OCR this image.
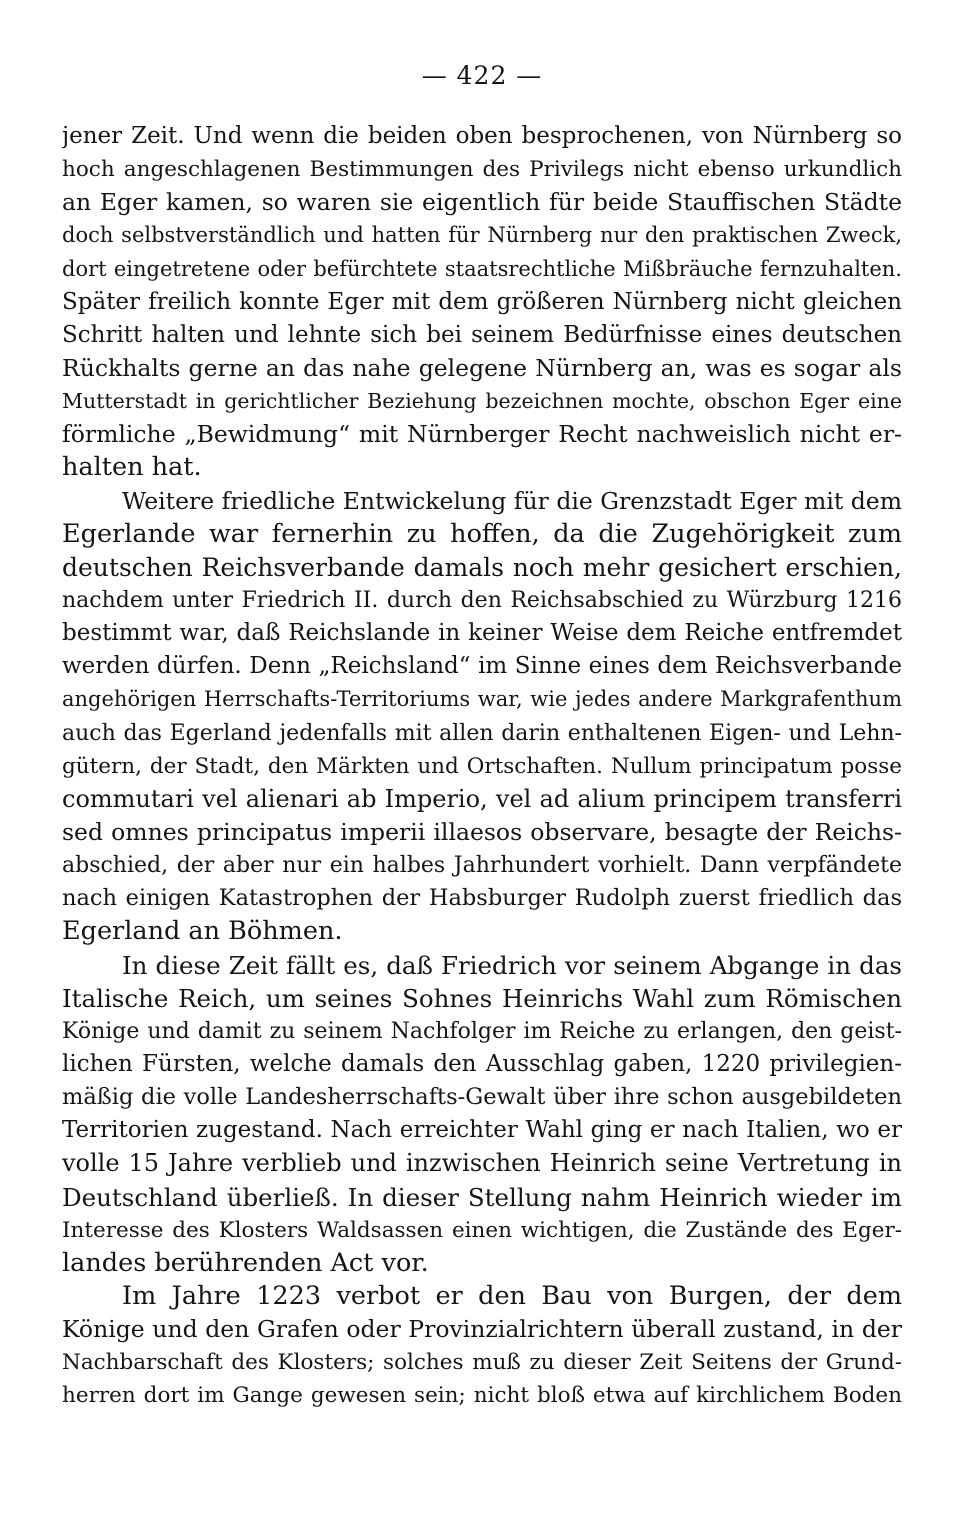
— 422 —
jener Zeit. Und wenn die beiden oben besprochenen, von Nürnberg so
hoch angeschlagenen Bestimmungen des Privilegs nicht ebenso urkundlich
an Eger kamen, so waren sie eigentlich für beide Stauffischen Städte
doch selbstverständlich und hatten für Nürnberg nur den praktischen Zweck,
dort eingetretene oder befürchtete staatsrechtliche Mißbräuche fernzuhalten.
Später freilich konnte Eger mit dem größeren Nürnberg nicht gleichen
Schritt halten und lehnte sich bei seinem Bedürfnisse eines deutschen
Rückhalts gerne an das nahe gelegene Nürnberg an, was es sogar als
Mutterstadt in gerichtlicher Beziehung bezeichnen mochte, obschon Eger eine
förmliche „Bewidmung“ mit Nürnberger Recht nachweislich nicht er-
halten hat.
Weitere friedliche Entwickelung für die Grenzstadt Eger mit dem
Egerlande war fernerhin zu hoffen, da die Zugehörigkeit zum
deutschen Reichsverbande damals noch mehr gesichert erschien,
nachdem unter Friedrich II. durch den Reichsabschied zu Würzburg 1216
bestimmt war, daß Reichslande in keiner Weise dem Reiche entfremdet
werden dürfen. Denn „Reichsland“ im Sinne eines dem Reichsverbande
angehörigen Herrschafts-Territoriums war, wie jedes andere Markgrafenthum
auch das Egerland jedenfalls mit allen darin enthaltenen Eigen- und Lehn-
gütern, der Stadt, den Märkten und Ortschaften. Nullum principatum posse
commutari vel alienari ab Imperio, vel ad alium principem transferri
sed omnes principatus imperii illaesos observare, besagte der Reichs-
abschied, der aber nur ein halbes Jahrhundert vorhielt. Dann verpfändete
nach einigen Katastrophen der Habsburger Rudolph zuerst friedlich das
Egerland an Böhmen.
In diese Zeit fällt es, daß Friedrich vor seinem Abgange in das
Italische Reich, um seines Sohnes Heinrichs Wahl zum Römischen
Könige und damit zu seinem Nachfolger im Reiche zu erlangen, den geist-
lichen Fürsten, welche damals den Ausschlag gaben, 1220 privilegien-
mäßig die volle Landesherrschafts-Gewalt über ihre schon ausgebildeten
Territorien zugestand. Nach erreichter Wahl ging er nach Italien, wo er
volle 15 Jahre verblieb und inzwischen Heinrich seine Vertretung in
Deutschland überließ. In dieser Stellung nahm Heinrich wieder im
Interesse des Klosters Waldsassen einen wichtigen, die Zustände des Eger-
landes berührenden Act vor.
Im Jahre 1223 verbot er den Bau von Burgen, der dem
Könige und den Grafen oder Provinzialrichtern überall zustand, in der
Nachbarschaft des Klosters; solches muß zu dieser Zeit Seitens der Grund-
herren dort im Gange gewesen sein; nicht bloß etwa auf kirchlichem Boden
